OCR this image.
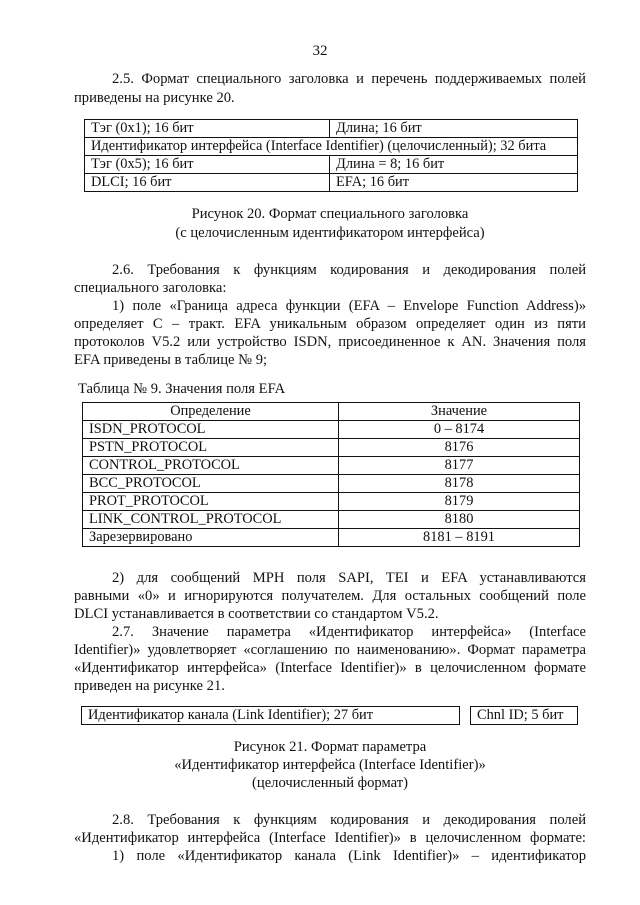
32
2.5. Формат специального заголовка и перечень поддерживаемых полей
приведены на рисунке 20.
Тэг (0x1); 16 бит	Длина; 16 бит
Идентификатор интерфейса (Interface Identifier) (целочисленный); 32 бита	
Тэг (0x5); 16 бит	Длина = 8; 16 бит
DLCI; 16 бит	EFA; 16 бит
Рисунок 20. Формат специального заголовка
(с целочисленным идентификатором интерфейса)
2.6. Требования к функциям кодирования и декодирования полей
специального заголовка:
1) поле «Граница адреса функции (EFA – Envelope Function Address)»
определяет С – тракт. EFA уникальным образом определяет один из пяти
протоколов V5.2 или устройство ISDN, присоединенное к AN. Значения поля
EFA приведены в таблице № 9;
Таблица № 9. Значения поля EFA
Определение	Значение
ISDN_PROTOCOL	0 – 8174
PSTN_PROTOCOL	8176
CONTROL_PROTOCOL	8177
BCC_PROTOCOL	8178
PROT_PROTOCOL	8179
LINK_CONTROL_PROTOCOL	8180
Зарезервировано	8181 – 8191
2) для сообщений МРН поля SAPI, TEI и EFA устанавливаются
равными «0» и игнорируются получателем. Для остальных сообщений поле
DLCI устанавливается в соответствии со стандартом V5.2.
2.7. Значение параметра «Идентификатор интерфейса» (Interface
Identifier)» удовлетворяет «соглашению по наименованию». Формат параметра
«Идентификатор интерфейса» (Interface Identifier)» в целочисленном формате
приведен на рисунке 21.
Идентификатор канала (Link Identifier); 27 бит		Chnl ID; 5 бит
Рисунок 21. Формат параметра
«Идентификатор интерфейса (Interface Identifier)»
(целочисленный формат)
2.8. Требования к функциям кодирования и декодирования полей
«Идентификатор интерфейса (Interface Identifier)» в целочисленном формате:
1) поле «Идентификатор канала (Link Identifier)» – идентификатор
